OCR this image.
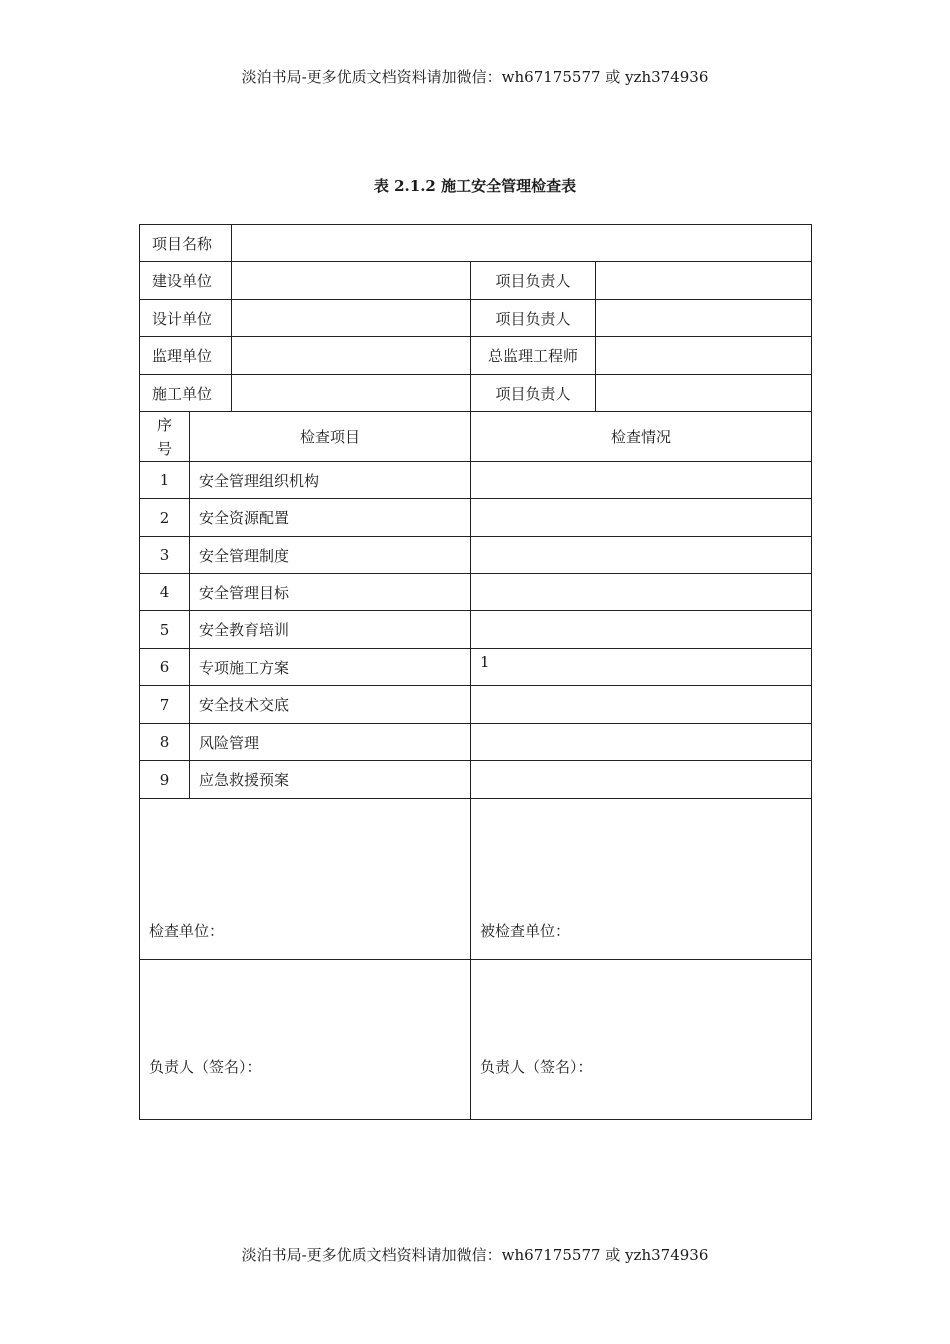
淡泊书局-更多优质文档资料请加微信：wh67175577 或 yzh374936
表 2.1.2 施工安全管理检查表
项目名称				
建设单位			项目负责人	
设计单位			项目负责人	
监理单位			总监理工程师	
施工单位			项目负责人	

序
号	检查项目		检查情况	
1	安全管理组织机构			
2	安全资源配置			
3	安全管理制度			
4	安全管理目标			
5	安全教育培训			
6	专项施工方案		1	
7	安全技术交底			
8	风险管理			
9	应急救援预案			
检查单位：			被检查单位：	
负责人（签名）：			负责人（签名）：	
淡泊书局-更多优质文档资料请加微信：wh67175577 或 yzh374936
